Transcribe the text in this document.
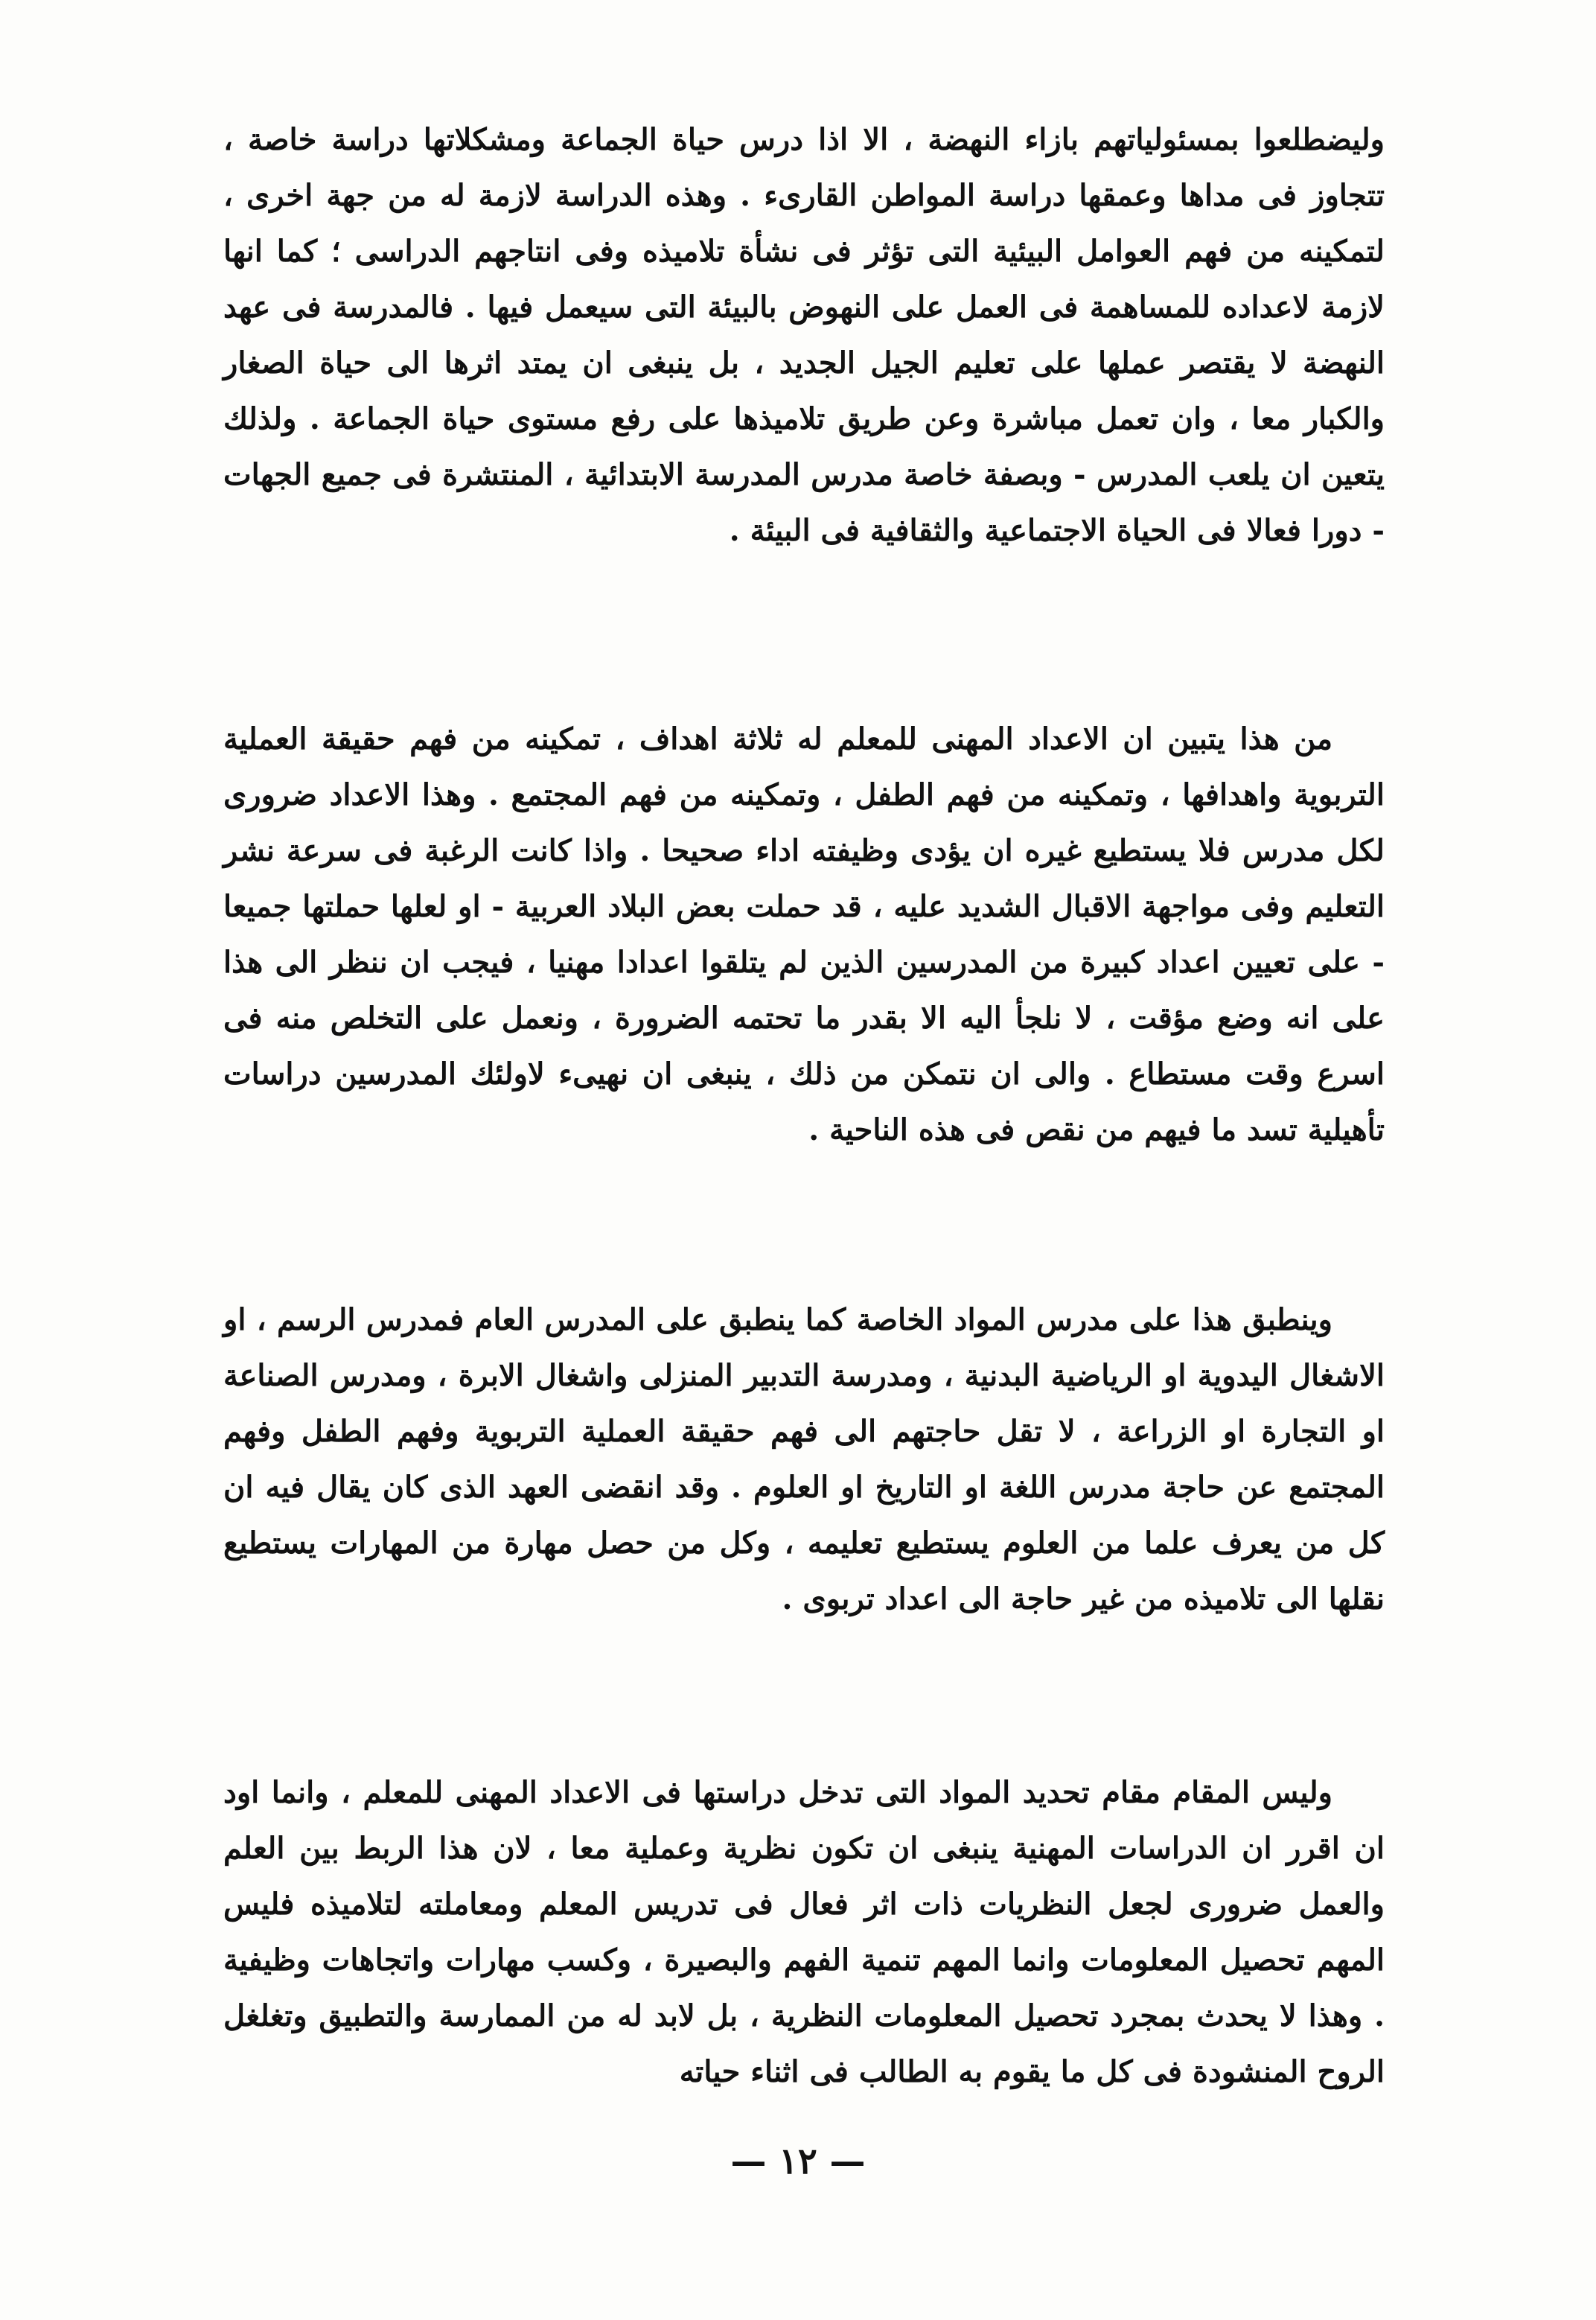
وليضطلعوا بمسئولياتهم بازاء النهضة ، الا اذا درس حياة الجماعة ومشكلاتها دراسة خاصة ، تتجاوز فى مداها وعمقها دراسة المواطن القارىء . وهذه الدراسة لازمة له من جهة اخرى ، لتمكينه من فهم العوامل البيئية التى تؤثر فى نشأة تلاميذه وفى انتاجهم الدراسى ؛ كما انها لازمة لاعداده للمساهمة فى العمل على النهوض بالبيئة التى سيعمل فيها . فالمدرسة فى عهد النهضة لا يقتصر عملها على تعليم الجيل الجديد ، بل ينبغى ان يمتد اثرها الى حياة الصغار والكبار معا ، وان تعمل مباشرة وعن طريق تلاميذها على رفع مستوى حياة الجماعة . ولذلك يتعين ان يلعب المدرس - وبصفة خاصة مدرس المدرسة الابتدائية ، المنتشرة فى جميع الجهات - دورا فعالا فى الحياة الاجتماعية والثقافية فى البيئة .

من هذا يتبين ان الاعداد المهنى للمعلم له ثلاثة اهداف ، تمكينه من فهم حقيقة العملية التربوية واهدافها ، وتمكينه من فهم الطفل ، وتمكينه من فهم المجتمع . وهذا الاعداد ضرورى لكل مدرس فلا يستطيع غيره ان يؤدى وظيفته اداء صحيحا . واذا كانت الرغبة فى سرعة نشر التعليم وفى مواجهة الاقبال الشديد عليه ، قد حملت بعض البلاد العربية - او لعلها حملتها جميعا - على تعيين اعداد كبيرة من المدرسين الذين لم يتلقوا اعدادا مهنيا ، فيجب ان ننظر الى هذا على انه وضع مؤقت ، لا نلجأ اليه الا بقدر ما تحتمه الضرورة ، ونعمل على التخلص منه فى اسرع وقت مستطاع . والى ان نتمكن من ذلك ، ينبغى ان نهيىء لاولئك المدرسين دراسات تأهيلية تسد ما فيهم من نقص فى هذه الناحية .

وينطبق هذا على مدرس المواد الخاصة كما ينطبق على المدرس العام فمدرس الرسم ، او الاشغال اليدوية او الرياضية البدنية ، ومدرسة التدبير المنزلى واشغال الابرة ، ومدرس الصناعة او التجارة او الزراعة ، لا تقل حاجتهم الى فهم حقيقة العملية التربوية وفهم الطفل وفهم المجتمع عن حاجة مدرس اللغة او التاريخ او العلوم . وقد انقضى العهد الذى كان يقال فيه ان كل من يعرف علما من العلوم يستطيع تعليمه ، وكل من حصل مهارة من المهارات يستطيع نقلها الى تلاميذه من غير حاجة الى اعداد تربوى .

وليس المقام مقام تحديد المواد التى تدخل دراستها فى الاعداد المهنى للمعلم ، وانما اود ان اقرر ان الدراسات المهنية ينبغى ان تكون نظرية وعملية معا ، لان هذا الربط بين العلم والعمل ضرورى لجعل النظريات ذات اثر فعال فى تدريس المعلم ومعاملته لتلاميذه فليس المهم تحصيل المعلومات وانما المهم تنمية الفهم والبصيرة ، وكسب مهارات واتجاهات وظيفية . وهذا لا يحدث بمجرد تحصيل المعلومات النظرية ، بل لابد له من الممارسة والتطبيق وتغلغل الروح المنشودة فى كل ما يقوم به الطالب فى اثناء حياته

— ١٢ —
